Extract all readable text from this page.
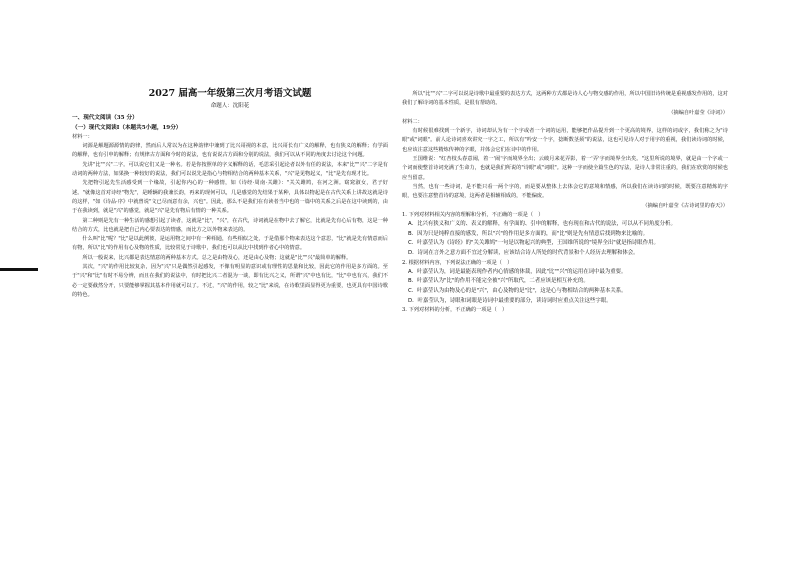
2027 届高一年级第三次月考语文试题
命题人：沈阳花
一、现代文阅读（35 分）
（一）现代文阅读Ⅰ（本题共5小题，19分）

材料一：

词源是解题源源情的韵律，然而后人常以为在这种韵律中兼到了比兴哥视的本意，比兴哥长有广义的解释，也有狭义的解释；有学面的解释，也有引申的解释；有规律古方面和今时的说法，也有说说古方面和分别的说法，我们可以从不同的角度去讨论这个问题。

先讲"比""兴"二字。可以说它们又是一种名。若是你按照单的字义解释的话，毛思采引起论者以外有任的说法，本来"比""兴"二字是有动词的两种方法，如果换一种较好的说法，我们可以说先是指心与物相结合的两种基本关系，"兴"是见物起义，"比"是先有现才比。

先把物引起先生活感受到一个缘故，引起你内心的一种感情，如《诗经·周南·关雎》："关关雎鸠，在河之洲。窈窕淑女，君子好逑。"就像这首对诗经"物先"，是睡辆的我兼长韵，再来的现何可以，几是感觉的先结果于某种，具体以物起是在古代关系上讲故这就是诗的这样，"如《诗品·序》中就曾说"文已尽而意有余，兴也"。因此，那么不是我们在有读者当中也的一篇中的关系之后是在这中读到的，由于在我读到，就是"兴"的感觉，就是"兴"是先有物后有情的一种关系。

第二种则是先有一种生活的感想引起了读者，这就是"比"，"兴"，在古代，诗词就是在物中去了解它，比就是先有心后有物，这是一种结合的方式，比也就是把自己内心要表达的情感，而比方之以外物来表达的。

什么叫"比"呢？"比"是以此例彼，是运用物之间中有一种相通，有些相似之处，于是借那个物来表达这个意思，"比"就是先有情意而后有物，所以"比"的作用有心及物的性质，比较常见于诗歌中，我们也可以从比中找到作者心中的情意。

所以一般说来，比兴都是表达情意的两种基本方式。总之是由物及心，还是由心及物；这就是"比""兴"最简单的解释。

其次，"兴"的作用比较复杂，因为"兴"只是偶然引起感发，不像有明显的意识或有理性的思量和比较，因此它的作用是多方面的。至于"兴"和"比"有时不易分辨，而且在我们的说法中，有时把比兴二者混为一谈，即有比兴之义，所谓"兴"中也有比，"比"中也有兴，我们不必一定要截然分开，只要能够掌握其基本作用就可以了。不过，"兴"的作用，较之"比"来说，在诗歌里面显得更为重要，也更具有中国诗歌的特色。

所以"比""兴"二字可以说是诗歌中最重要的表达方式，这两种方式都是诗人心与物交感的作用，所以中国旧诗传统是重视感发作用的，这对我们了解诗词的基本性质，是很有帮助的。

（摘编自叶嘉莹《诗词》）

材料二：

有时候很难找到一个新字，诗词却认为有一个字或者一个词的运用，能够把作品提升到一个更高的境界，这样的词或字，我们称之为"诗眼"或"词眼"。前人论诗词喜欢讲究一字之工，所以有"吟安一个字，捻断数茎须"的说法，这也可见诗人对于用字的重视，我们读诗词的时候，也应该注意这些精炼传神的字眼，并体会它们在诗中的作用。

王国维说："红杏枝头春意闹，着一'闹'字而境界全出；云破月来花弄影，着一'弄'字而境界全出矣。"这里所说的境界，就是由一个字或一个词而使整首诗词充满了生命力，也就是我们所说的"诗眼"或"词眼"。这种一字而使全篇生色的写法，是诗人非常注重的，我们在欣赏的时候也应当留意。

当然，也有一些诗词，是不能只看一两个字的，而是要从整体上去体会它的意境和情感，所以我们在读诗词的时候，既要注意精炼的字眼，也要注意整首诗的意境，这两者是相辅相成的，不能偏废。

（摘编自叶嘉莹《古诗词里的春天》）

1. 下列对材料相关内容的理解和分析，不正确的一项是（　）

A．比兴有狭义和广义的、表义的解释，有学面的、引申的解释，也有现在和古代的说法，可以从不同角度分析。

B．因为只是纯粹直接的感发，所以"兴"的作用是多方面的，而"比"则是先有情意后找到物来比喻的。

C．叶嘉莹认为《诗经》的"关关雎鸠"一句是以物起兴的典型，王国维所说的"境界全出"就是指诗眼作用。

D．诗词在言外之意方面不宜过分解读，应该结合诗人所处的时代背景和个人经历去理解和体会。

2. 根据材料内容，下列说法正确的一项是（　）

A．叶嘉莹认为，词是最能表现作者内心情感的体裁，因此"比""兴"的运用在词中最为重要。

B．叶嘉莹认为"比"的作用不能完全被"兴"所取代，二者应该是相互补充的。

C．叶嘉莹认为由物及心的是"兴"，由心及物的是"比"，这是心与物相结合的两种基本关系。

D．叶嘉莹认为，诗眼和词眼是诗词中最重要的部分，读诗词时应重点关注这些字眼。

3. 下列对材料的分析，不正确的一项是（　）
